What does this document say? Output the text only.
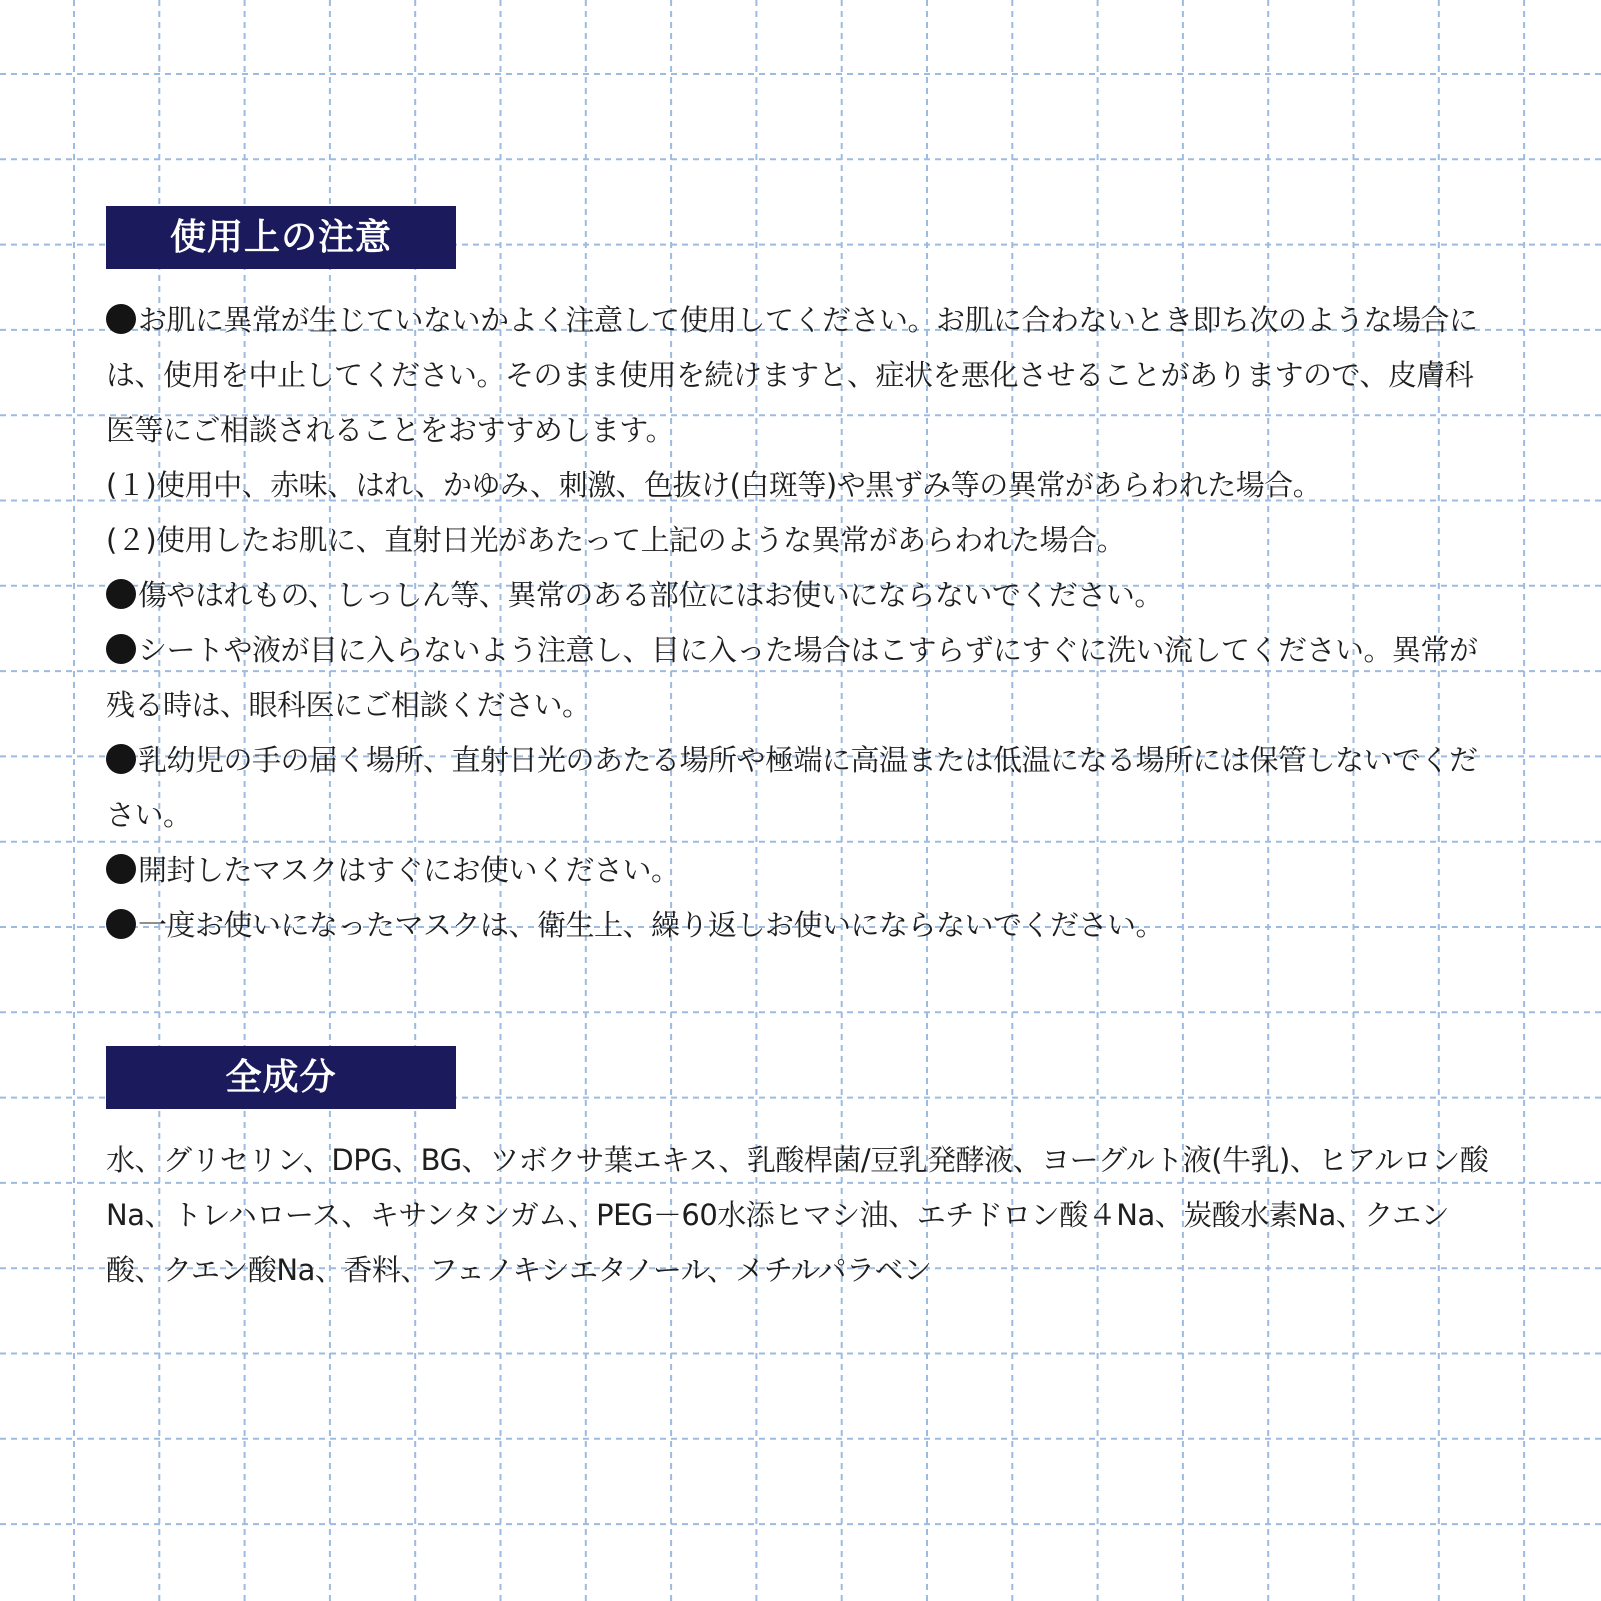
使用上の注意
お肌に異常が生じていないかよく注意して使用してください。お肌に合わないとき即ち次のような場合には、使用を中止してください。そのまま使用を続けますと、症状を悪化させることがありますので、皮膚科医等にご相談されることをおすすめします。
(１)使用中、赤味、はれ、かゆみ、刺激、色抜け(白斑等)や黒ずみ等の異常があらわれた場合。
(２)使用したお肌に、直射日光があたって上記のような異常があらわれた場合。
傷やはれもの、しっしん等、異常のある部位にはお使いにならないでください。
シートや液が目に入らないよう注意し、目に入った場合はこすらずにすぐに洗い流してください。異常が残る時は、眼科医にご相談ください。
乳幼児の手の届く場所、直射日光のあたる場所や極端に高温または低温になる場所には保管しないでください。
開封したマスクはすぐにお使いください。
一度お使いになったマスクは、衛生上、繰り返しお使いにならないでください。
全成分

水、グリセリン、DPG、BG、ツボクサ葉エキス、乳酸桿菌/豆乳発酵液、ヨーグルト液(牛乳)、ヒアルロン酸Na、トレハロース、キサンタンガム、PEG－60水添ヒマシ油、エチドロン酸４Na、炭酸水素Na、クエン酸、クエン酸Na、香料、フェノキシエタノール、メチルパラベン
